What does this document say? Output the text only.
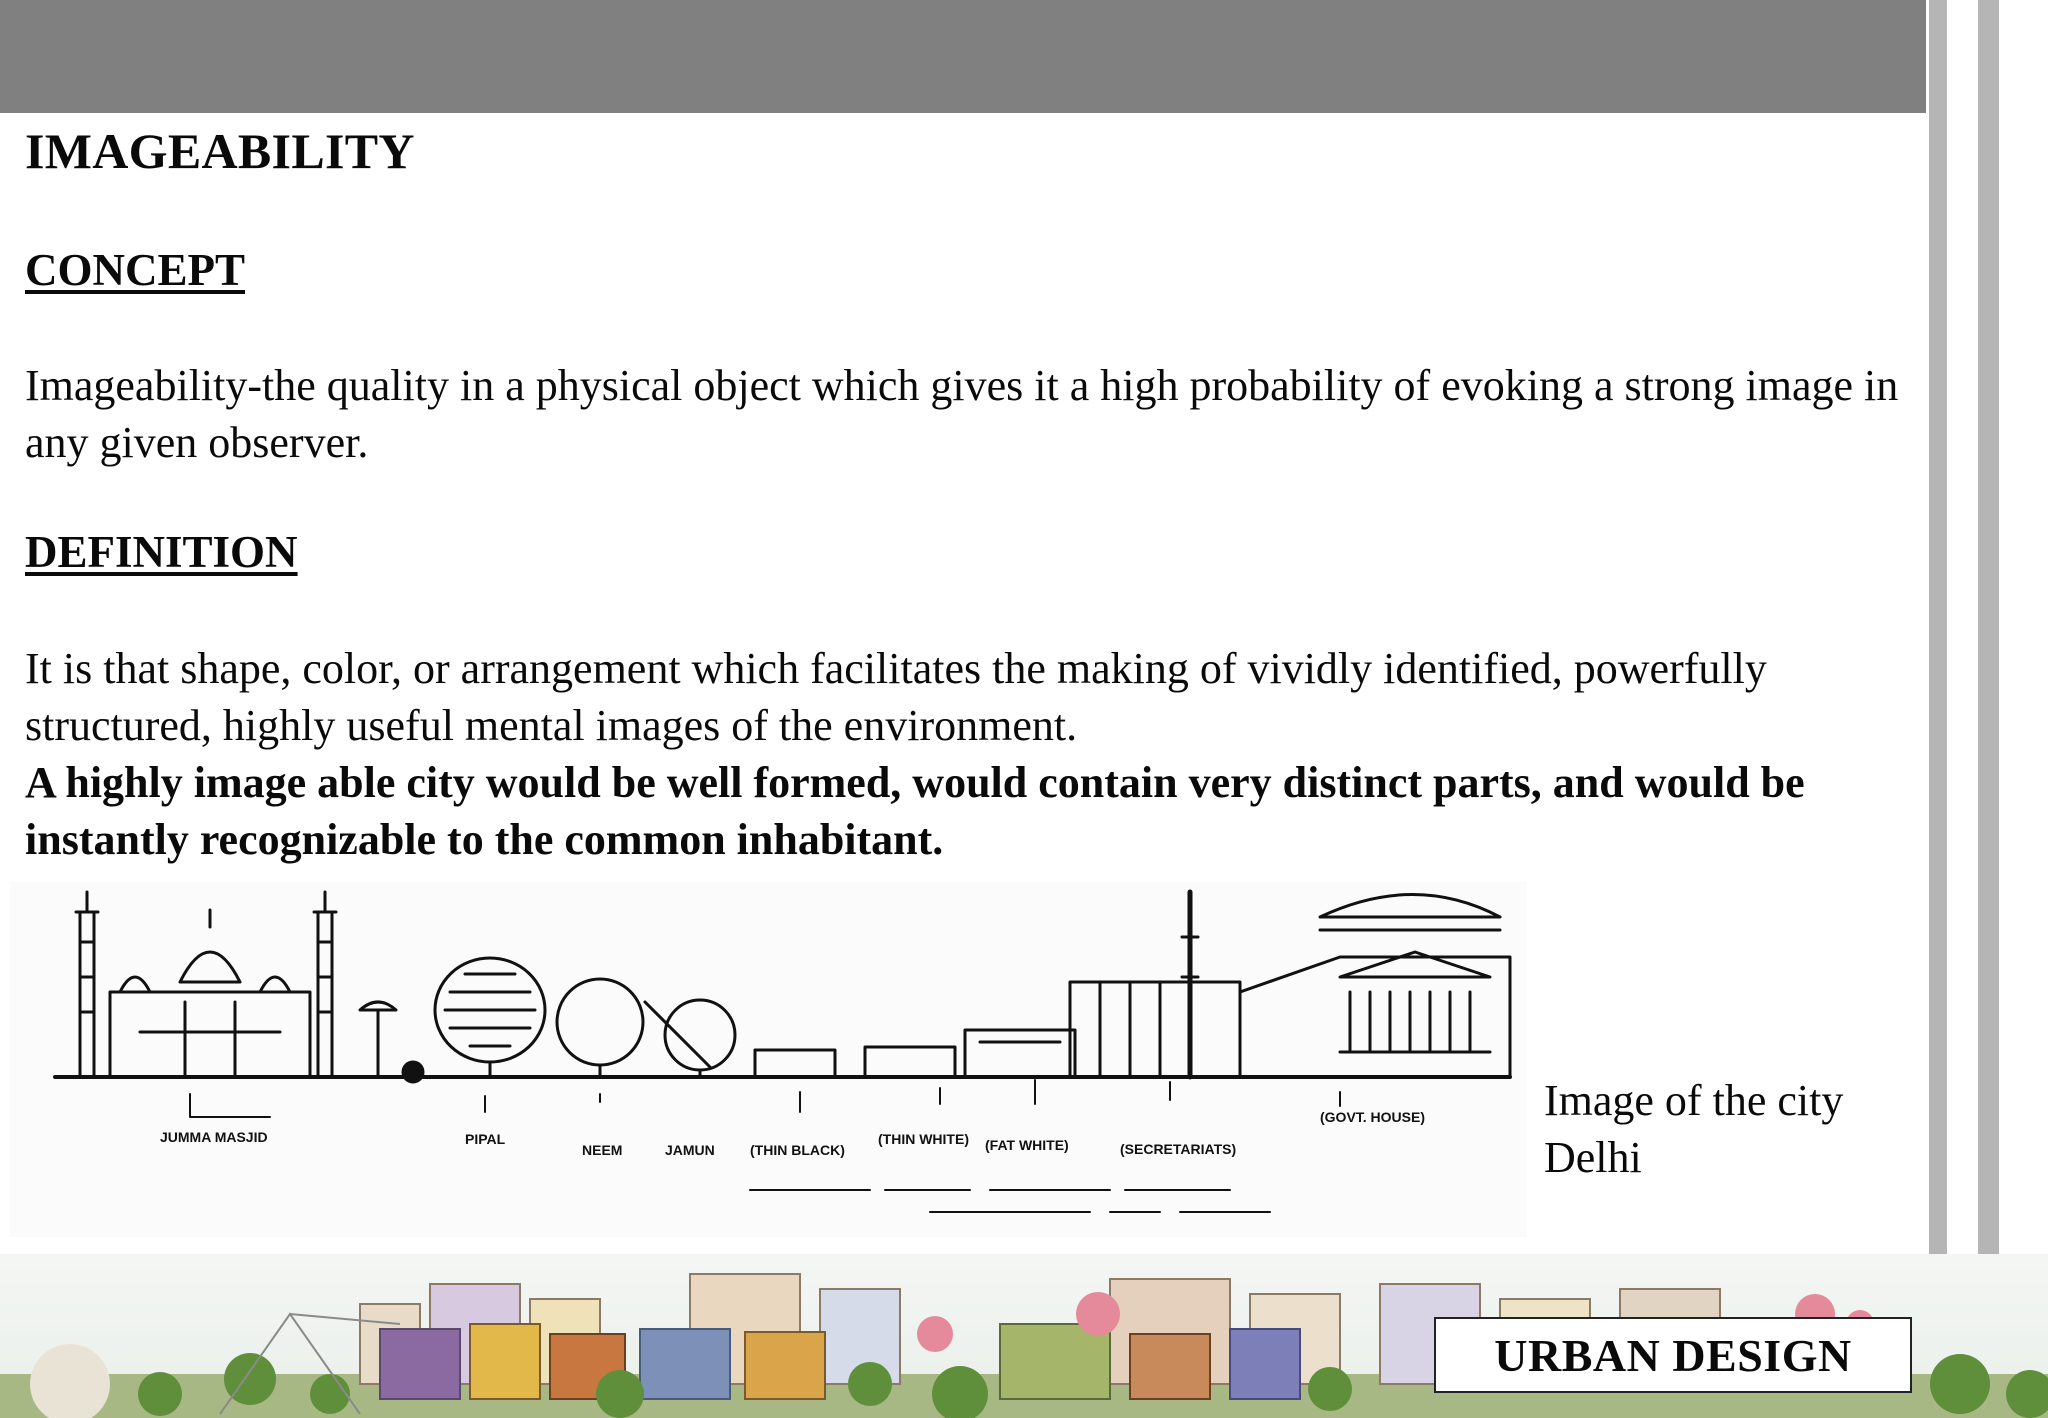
IMAGEABILITY
CONCEPT

Imageability-the quality in a physical object which gives it a high probability of evoking a strong image in any given observer.

DEFINITION
It is that shape, color, or arrangement which facilitates the making of vividly identified, powerfully structured, highly useful mental images of the environment.
A highly image able city would be well formed, would contain very distinct parts, and would be instantly recognizable to the common inhabitant.
JUMMA MASJID	PIPAL
NEEM	JAMUN	(THIN BLACK)
(THIN WHITE) (FAT WHITE)	(SECRETARIATS)
(GOVT. HOUSE)	Image of the city Delhi
URBAN DESIGN
